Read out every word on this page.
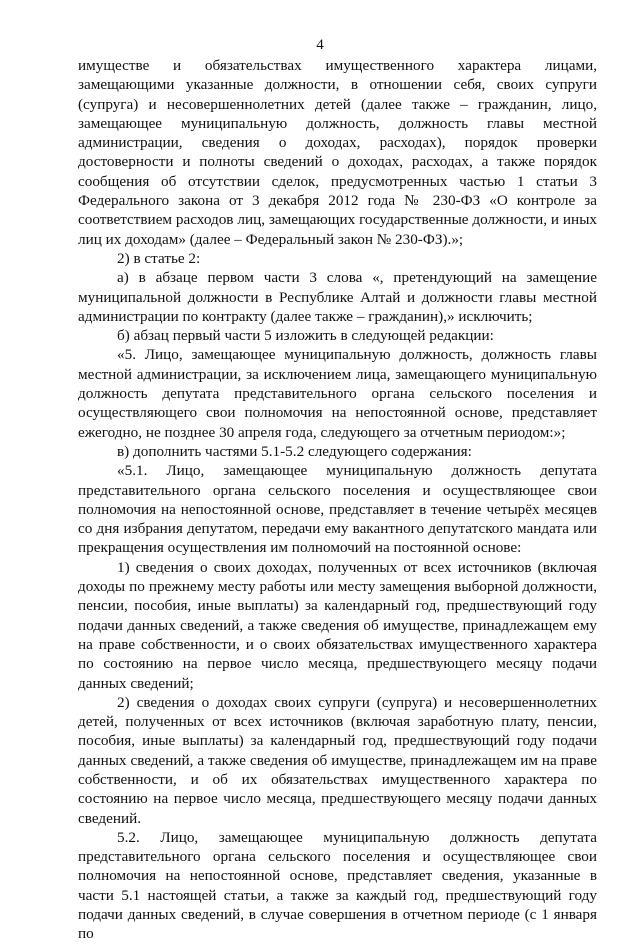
4

имуществе и обязательствах имущественного характера лицами, замещающими указанные должности, в отношении себя, своих супруги (супруга) и несовершеннолетних детей (далее также – гражданин, лицо, замещающее муниципальную должность, должность главы местной администрации, сведения о доходах, расходах), порядок проверки достоверности и полноты сведений о доходах, расходах, а также порядок сообщения об отсутствии сделок, предусмотренных частью 1 статьи 3 Федерального закона от 3 декабря 2012 года № 230-ФЗ «О контроле за соответствием расходов лиц, замещающих государственные должности, и иных лиц их доходам» (далее – Федеральный закон № 230-ФЗ).»;

2) в статье 2:

а) в абзаце первом части 3 слова «, претендующий на замещение муниципальной должности в Республике Алтай и должности главы местной администрации по контракту (далее также – гражданин),» исключить;

б) абзац первый части 5 изложить в следующей редакции:

«5. Лицо, замещающее муниципальную должность, должность главы местной администрации, за исключением лица, замещающего муниципальную должность депутата представительного органа сельского поселения и осуществляющего свои полномочия на непостоянной основе, представляет ежегодно, не позднее 30 апреля года, следующего за отчетным периодом:»;

в) дополнить частями 5.1-5.2 следующего содержания:

«5.1. Лицо, замещающее муниципальную должность депутата представительного органа сельского поселения и осуществляющее свои полномочия на непостоянной основе, представляет в течение четырёх месяцев со дня избрания депутатом, передачи ему вакантного депутатского мандата или прекращения осуществления им полномочий на постоянной основе:

1) сведения о своих доходах, полученных от всех источников (включая доходы по прежнему месту работы или месту замещения выборной должности, пенсии, пособия, иные выплаты) за календарный год, предшествующий году подачи данных сведений, а также сведения об имуществе, принадлежащем ему на праве собственности, и о своих обязательствах имущественного характера по состоянию на первое число месяца, предшествующего месяцу подачи данных сведений;

2) сведения о доходах своих супруги (супруга) и несовершеннолетних детей, полученных от всех источников (включая заработную плату, пенсии, пособия, иные выплаты) за календарный год, предшествующий году подачи данных сведений, а также сведения об имуществе, принадлежащем им на праве собственности, и об их обязательствах имущественного характера по состоянию на первое число месяца, предшествующего месяцу подачи данных сведений.

5.2. Лицо, замещающее муниципальную должность депутата представительного органа сельского поселения и осуществляющее свои полномочия на непостоянной основе, представляет сведения, указанные в части 5.1 настоящей статьи, а также за каждый год, предшествующий году подачи данных сведений, в случае совершения в отчетном периоде (с 1 января по
